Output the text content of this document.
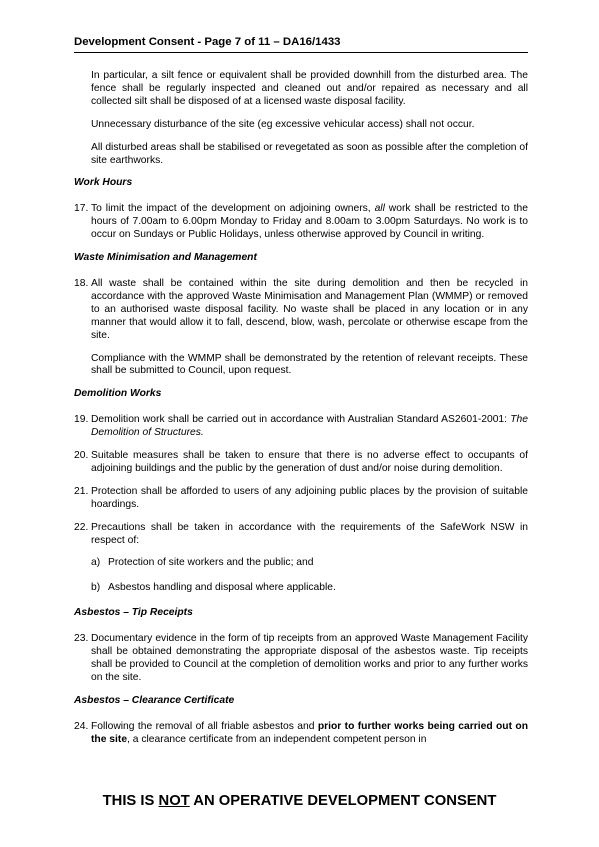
Development Consent - Page 7 of 11 – DA16/1433

In particular, a silt fence or equivalent shall be provided downhill from the disturbed area. The fence shall be regularly inspected and cleaned out and/or repaired as necessary and all collected silt shall be disposed of at a licensed waste disposal facility.

Unnecessary disturbance of the site (eg excessive vehicular access) shall not occur.

All disturbed areas shall be stabilised or revegetated as soon as possible after the completion of site earthworks.

Work Hours
17. To limit the impact of the development on adjoining owners, all work shall be restricted to the hours of 7.00am to 6.00pm Monday to Friday and 8.00am to 3.00pm Saturdays. No work is to occur on Sundays or Public Holidays, unless otherwise approved by Council in writing.
Waste Minimisation and Management
18. All waste shall be contained within the site during demolition and then be recycled in accordance with the approved Waste Minimisation and Management Plan (WMMP) or removed to an authorised waste disposal facility. No waste shall be placed in any location or in any manner that would allow it to fall, descend, blow, wash, percolate or otherwise escape from the site.

Compliance with the WMMP shall be demonstrated by the retention of relevant receipts. These shall be submitted to Council, upon request.

Demolition Works
19. Demolition work shall be carried out in accordance with Australian Standard AS2601-2001: The Demolition of Structures.
20. Suitable measures shall be taken to ensure that there is no adverse effect to occupants of adjoining buildings and the public by the generation of dust and/or noise during demolition.
21. Protection shall be afforded to users of any adjoining public places by the provision of suitable hoardings.
22. Precautions shall be taken in accordance with the requirements of the SafeWork NSW in respect of:
a) Protection of site workers and the public; and
b) Asbestos handling and disposal where applicable.
Asbestos – Tip Receipts
23. Documentary evidence in the form of tip receipts from an approved Waste Management Facility shall be obtained demonstrating the appropriate disposal of the asbestos waste. Tip receipts shall be provided to Council at the completion of demolition works and prior to any further works on the site.
Asbestos – Clearance Certificate
24. Following the removal of all friable asbestos and prior to further works being carried out on the site, a clearance certificate from an independent competent person in
THIS IS NOT AN OPERATIVE DEVELOPMENT CONSENT
